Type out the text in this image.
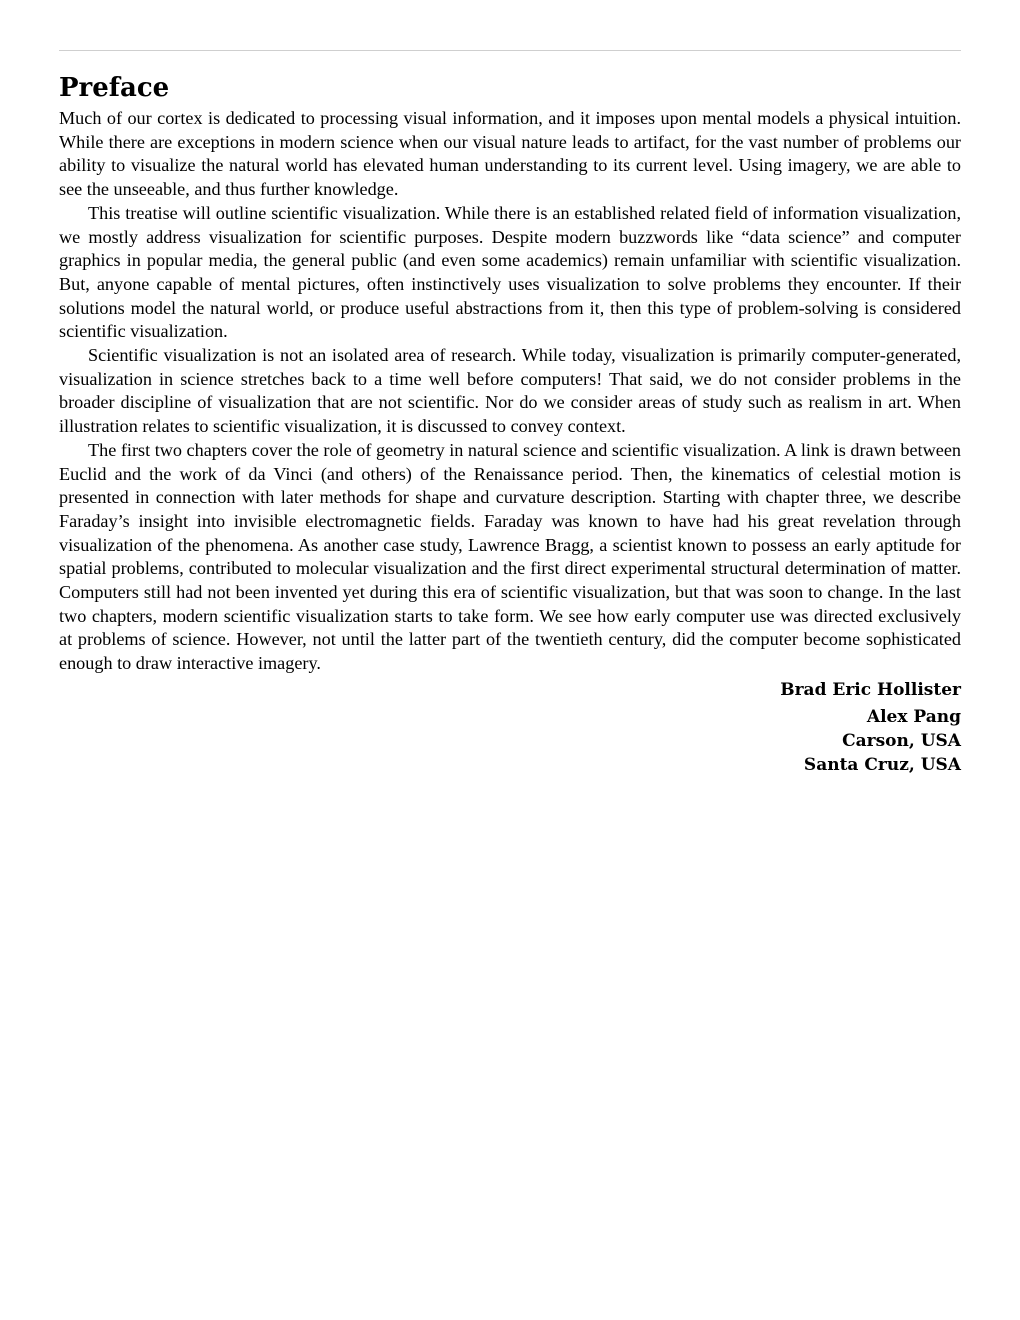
Preface

Much of our cortex is dedicated to processing visual information, and it imposes upon mental models a physical intuition. While there are exceptions in modern science when our visual nature leads to artifact, for the vast number of problems our ability to visualize the natural world has elevated human understanding to its current level. Using imagery, we are able to see the unseeable, and thus further knowledge.

This treatise will outline scientific visualization. While there is an established related field of information visualization, we mostly address visualization for scientific purposes. Despite modern buzzwords like “data science” and computer graphics in popular media, the general public (and even some academics) remain unfamiliar with scientific visualization. But, anyone capable of mental pictures, often instinctively uses visualization to solve problems they encounter. If their solutions model the natural world, or produce useful abstractions from it, then this type of problem-solving is considered scientific visualization.

Scientific visualization is not an isolated area of research. While today, visualization is primarily computer-generated, visualization in science stretches back to a time well before computers! That said, we do not consider problems in the broader discipline of visualization that are not scientific. Nor do we consider areas of study such as realism in art. When illustration relates to scientific visualization, it is discussed to convey context.

The first two chapters cover the role of geometry in natural science and scientific visualization. A link is drawn between Euclid and the work of da Vinci (and others) of the Renaissance period. Then, the kinematics of celestial motion is presented in connection with later methods for shape and curvature description. Starting with chapter three, we describe Faraday’s insight into invisible electromagnetic fields. Faraday was known to have had his great revelation through visualization of the phenomena. As another case study, Lawrence Bragg, a scientist known to possess an early aptitude for spatial problems, contributed to molecular visualization and the first direct experimental structural determination of matter. Computers still had not been invented yet during this era of scientific visualization, but that was soon to change. In the last two chapters, modern scientific visualization starts to take form. We see how early computer use was directed exclusively at problems of science. However, not until the latter part of the twentieth century, did the computer become sophisticated enough to draw interactive imagery.

Brad Eric Hollister
Alex Pang
Carson, USA
Santa Cruz, USA
